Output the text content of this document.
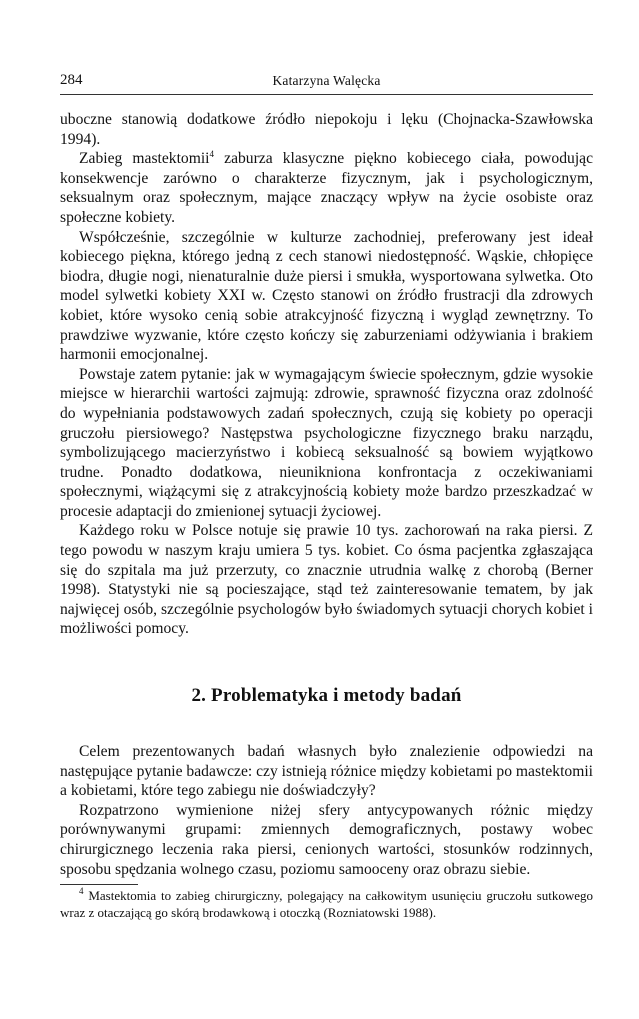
284	Katarzyna Walęcka

uboczne stanowią dodatkowe źródło niepokoju i lęku (Chojnacka-Szawłowska 1994).

Zabieg mastektomii$^4$ zaburza klasyczne piękno kobiecego ciała, powodując konsekwencje zarówno o charakterze fizycznym, jak i psychologicznym, seksualnym oraz społecznym, mające znaczący wpływ na życie osobiste oraz społeczne kobiety.

Współcześnie, szczególnie w kulturze zachodniej, preferowany jest ideał kobiecego piękna, którego jedną z cech stanowi niedostępność. Wąskie, chłopięce biodra, długie nogi, nienaturalnie duże piersi i smukła, wysportowana sylwetka. Oto model sylwetki kobiety XXI w. Często stanowi on źródło frustracji dla zdrowych kobiet, które wysoko cenią sobie atrakcyjność fizyczną i wygląd zewnętrzny. To prawdziwe wyzwanie, które często kończy się zaburzeniami odżywiania i brakiem harmonii emocjonalnej.

Powstaje zatem pytanie: jak w wymagającym świecie społecznym, gdzie wysokie miejsce w hierarchii wartości zajmują: zdrowie, sprawność fizyczna oraz zdolność do wypełniania podstawowych zadań społecznych, czują się kobiety po operacji gruczołu piersiowego? Następstwa psychologiczne fizycznego braku narządu, symbolizującego macierzyństwo i kobiecą seksualność są bowiem wyjątkowo trudne. Ponadto dodatkowa, nieunikniona konfrontacja z oczekiwaniami społecznymi, wiążącymi się z atrakcyjnością kobiety może bardzo przeszkadzać w procesie adaptacji do zmienionej sytuacji życiowej.

Każdego roku w Polsce notuje się prawie 10 tys. zachorowań na raka piersi. Z tego powodu w naszym kraju umiera 5 tys. kobiet. Co ósma pacjentka zgłaszająca się do szpitala ma już przerzuty, co znacznie utrudnia walkę z chorobą (Berner 1998). Statystyki nie są pocieszające, stąd też zainteresowanie tematem, by jak najwięcej osób, szczególnie psychologów było świadomych sytuacji chorych kobiet i możliwości pomocy.

2. Problematyka i metody badań

Celem prezentowanych badań własnych było znalezienie odpowiedzi na następujące pytanie badawcze: czy istnieją różnice między kobietami po mastektomii a kobietami, które tego zabiegu nie doświadczyły?

Rozpatrzono wymienione niżej sfery antycypowanych różnic między porównywanymi grupami: zmiennych demograficznych, postawy wobec chirurgicznego leczenia raka piersi, cenionych wartości, stosunków rodzinnych, sposobu spędzania wolnego czasu, poziomu samooceny oraz obrazu siebie.

$^4$ Mastektomia to zabieg chirurgiczny, polegający na całkowitym usunięciu gruczołu sutkowego wraz z otaczającą go skórą brodawkową i otoczką (Rozniatowski 1988).
